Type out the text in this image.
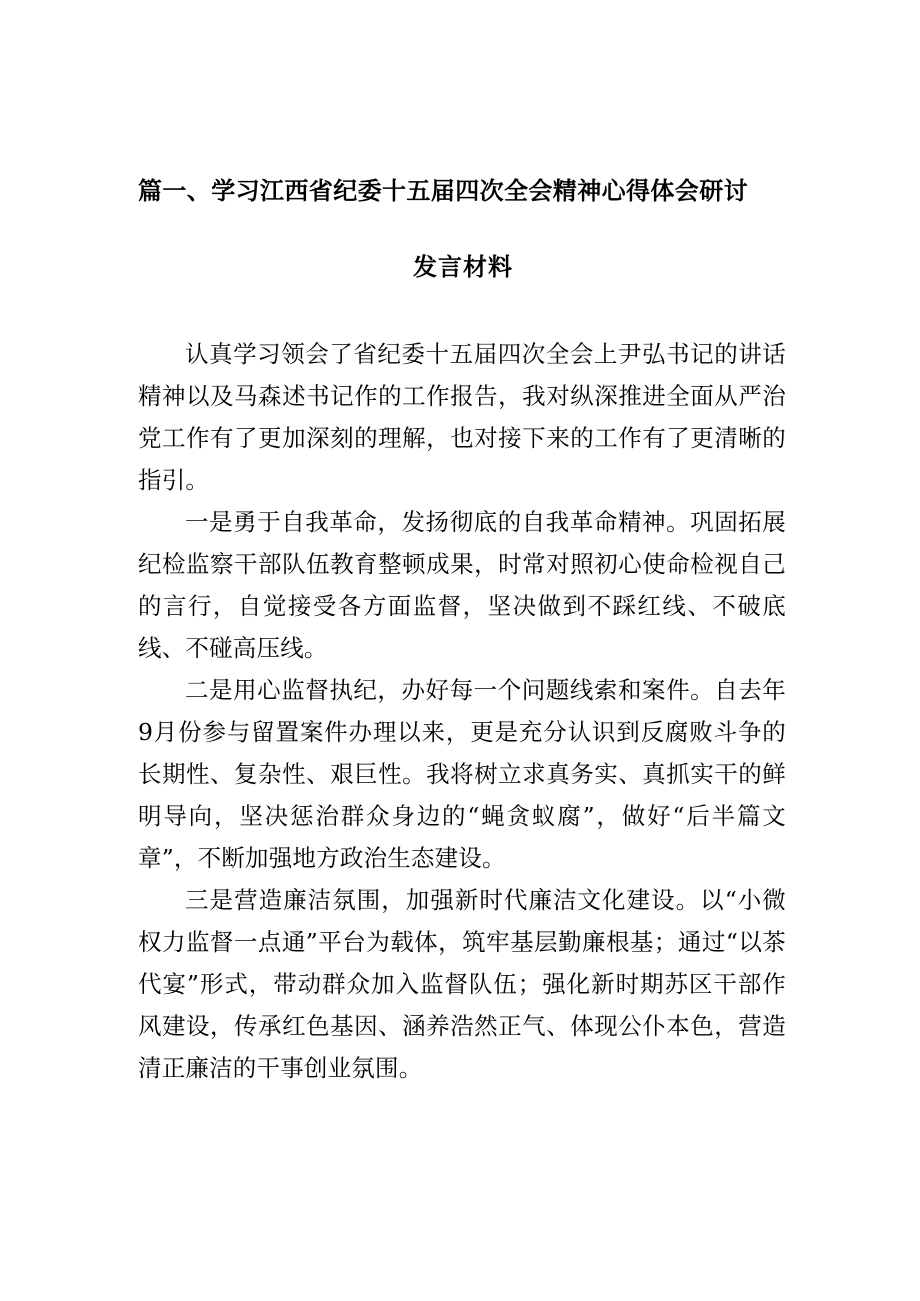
篇一、学习江西省纪委十五届四次全会精神心得体会研讨

发言材料

认真学习领会了省纪委十五届四次全会上尹弘书记的讲话精神以及马森述书记作的工作报告，我对纵深推进全面从严治党工作有了更加深刻的理解，也对接下来的工作有了更清晰的指引。

一是勇于自我革命，发扬彻底的自我革命精神。巩固拓展纪检监察干部队伍教育整顿成果，时常对照初心使命检视自己的言行，自觉接受各方面监督，坚决做到不踩红线、不破底线、不碰高压线。

二是用心监督执纪，办好每一个问题线索和案件。自去年9月份参与留置案件办理以来，更是充分认识到反腐败斗争的长期性、复杂性、艰巨性。我将树立求真务实、真抓实干的鲜明导向，坚决惩治群众身边的“蝇贪蚁腐”，做好“后半篇文章”，不断加强地方政治生态建设。

三是营造廉洁氛围，加强新时代廉洁文化建设。以“小微权力监督一点通”平台为载体，筑牢基层勤廉根基；通过“以茶代宴”形式，带动群众加入监督队伍；强化新时期苏区干部作风建设，传承红色基因、涵养浩然正气、体现公仆本色，营造清正廉洁的干事创业氛围。
